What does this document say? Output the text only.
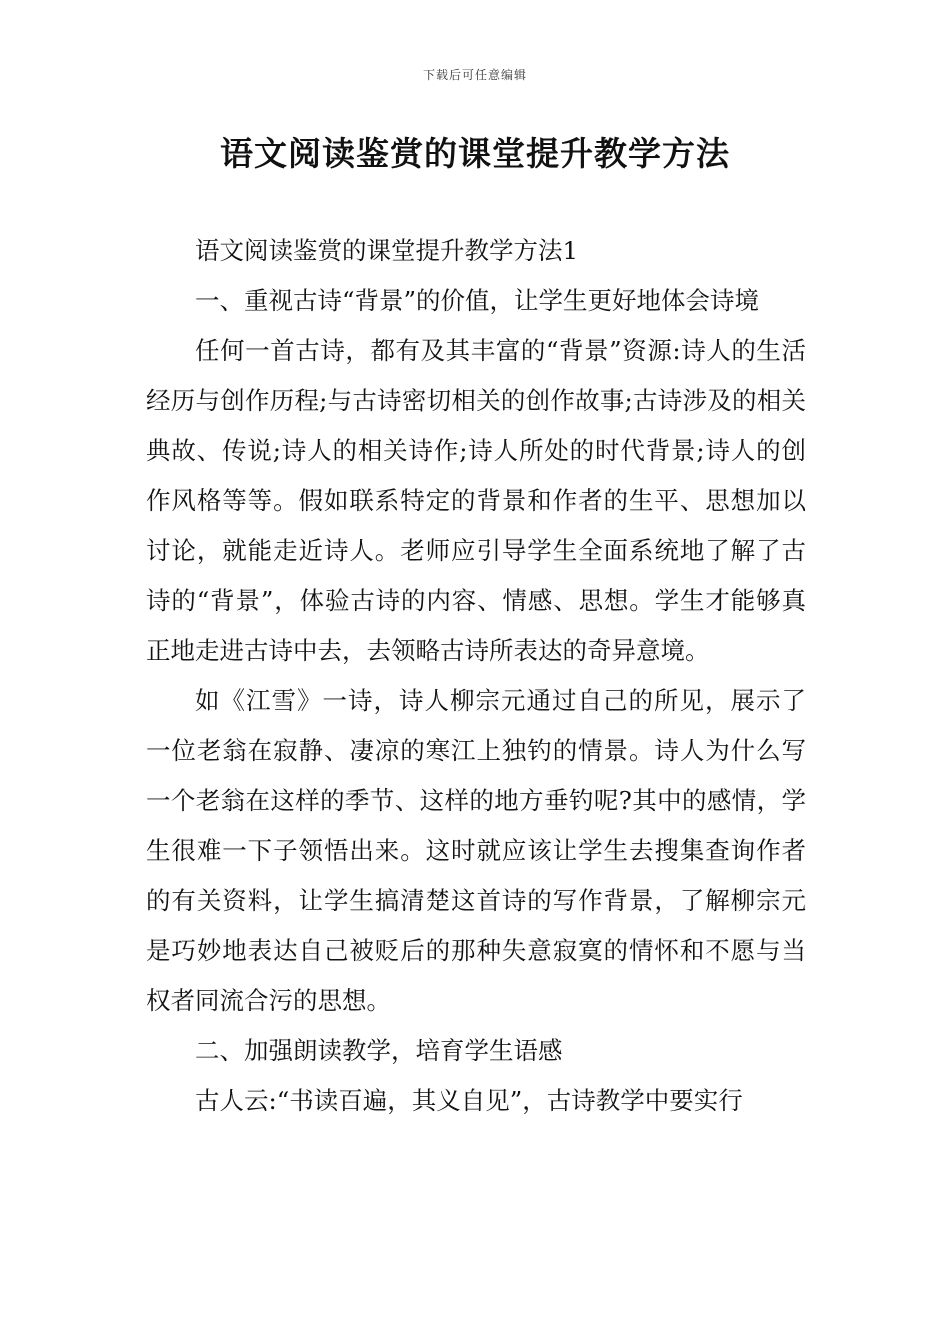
下载后可任意编辑
语文阅读鉴赏的课堂提升教学方法

语文阅读鉴赏的课堂提升教学方法1

一、重视古诗“背景”的价值，让学生更好地体会诗境

任何一首古诗，都有及其丰富的“背景”资源:诗人的生活经历与创作历程;与古诗密切相关的创作故事;古诗涉及的相关典故、传说;诗人的相关诗作;诗人所处的时代背景;诗人的创作风格等等。假如联系特定的背景和作者的生平、思想加以讨论，就能走近诗人。老师应引导学生全面系统地了解了古诗的“背景”，体验古诗的内容、情感、思想。学生才能够真正地走进古诗中去，去领略古诗所表达的奇异意境。

如《江雪》一诗，诗人柳宗元通过自己的所见，展示了一位老翁在寂静、凄凉的寒江上独钓的情景。诗人为什么写一个老翁在这样的季节、这样的地方垂钓呢?其中的感情，学生很难一下子领悟出来。这时就应该让学生去搜集查询作者的有关资料，让学生搞清楚这首诗的写作背景，了解柳宗元是巧妙地表达自己被贬后的那种失意寂寞的情怀和不愿与当权者同流合污的思想。

二、加强朗读教学，培育学生语感

古人云:“书读百遍，其义自见”，古诗教学中要实行
